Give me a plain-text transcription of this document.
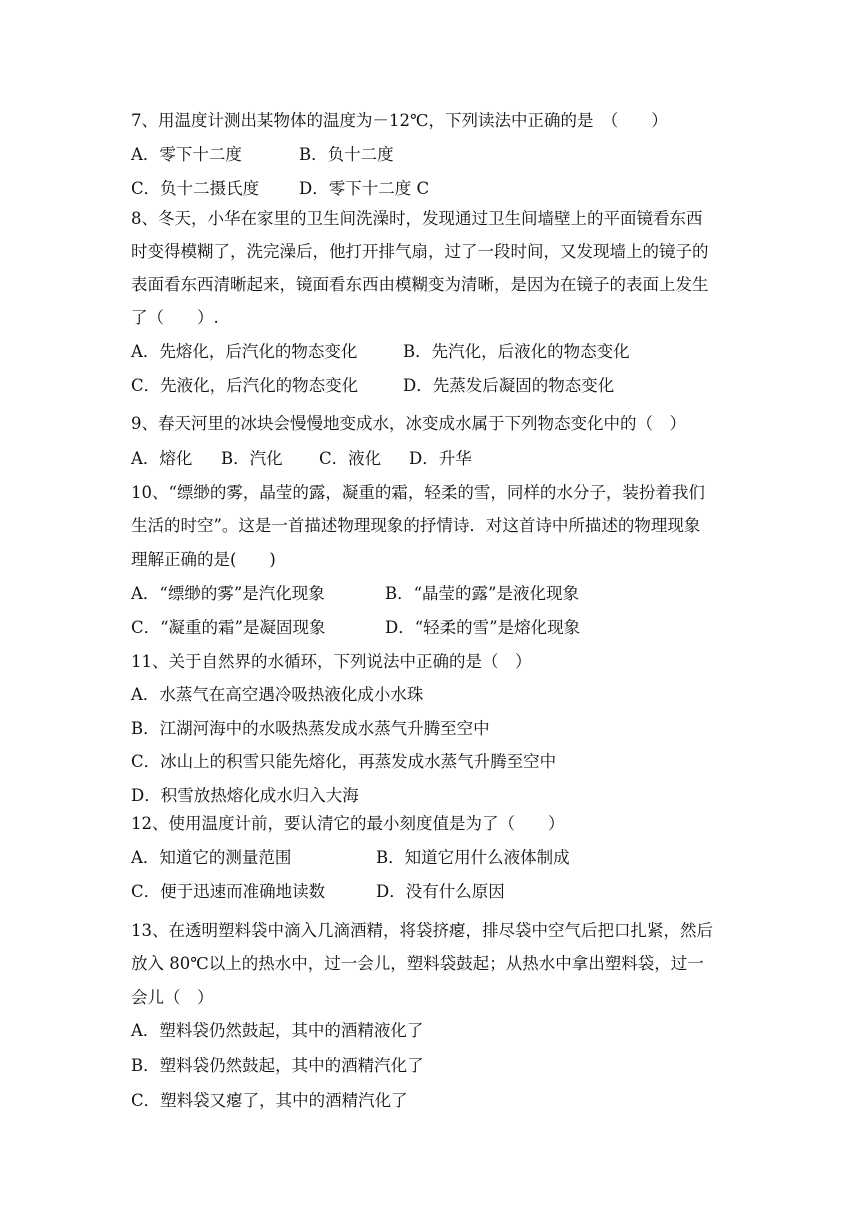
7、用温度计测出某物体的温度为－12℃，下列读法中正确的是　（　　）
A．零下十二度	B．负十二度
C．负十二摄氏度 D．零下十二度 C
8、冬天，小华在家里的卫生间洗澡时，发现通过卫生间墙壁上的平面镜看东西
时变得模糊了，洗完澡后，他打开排气扇，过了一段时间，又发现墙上的镜子的
表面看东西清晰起来，镜面看东西由模糊变为清晰，是因为在镜子的表面上发生
了（　　）.
A．先熔化，后汽化的物态变化	B．先汽化，后液化的物态变化
C．先液化，后汽化的物态变化	D．先蒸发后凝固的物态变化
9、春天河里的冰块会慢慢地变成水，冰变成水属于下列物态变化中的（　）
A．熔化 B．汽化 C．液化 D．升华
10、“缥缈的雾，晶莹的露，凝重的霜，轻柔的雪，同样的水分子，装扮着我们
生活的时空”。这是一首描述物理现象的抒情诗．对这首诗中所描述的物理现象
理解正确的是(　　)
A．“缥缈的雾”是汽化现象	B．“晶莹的露”是液化现象
C．“凝重的霜”是凝固现象	D．“轻柔的雪”是熔化现象
11、关于自然界的水循环，下列说法中正确的是（　）
A．水蒸气在高空遇冷吸热液化成小水珠
B．江湖河海中的水吸热蒸发成水蒸气升腾至空中
C．冰山上的积雪只能先熔化，再蒸发成水蒸气升腾至空中
D．积雪放热熔化成水归入大海
12、使用温度计前，要认清它的最小刻度值是为了（　　）
A．知道它的测量范围	B．知道它用什么液体制成
C．便于迅速而准确地读数	D．没有什么原因
13、在透明塑料袋中滴入几滴酒精，将袋挤瘪，排尽袋中空气后把口扎紧，然后
放入 80℃以上的热水中，过一会儿，塑料袋鼓起；从热水中拿出塑料袋，过一
会儿（　）
A．塑料袋仍然鼓起，其中的酒精液化了
B．塑料袋仍然鼓起，其中的酒精汽化了
C．塑料袋又瘪了，其中的酒精汽化了
